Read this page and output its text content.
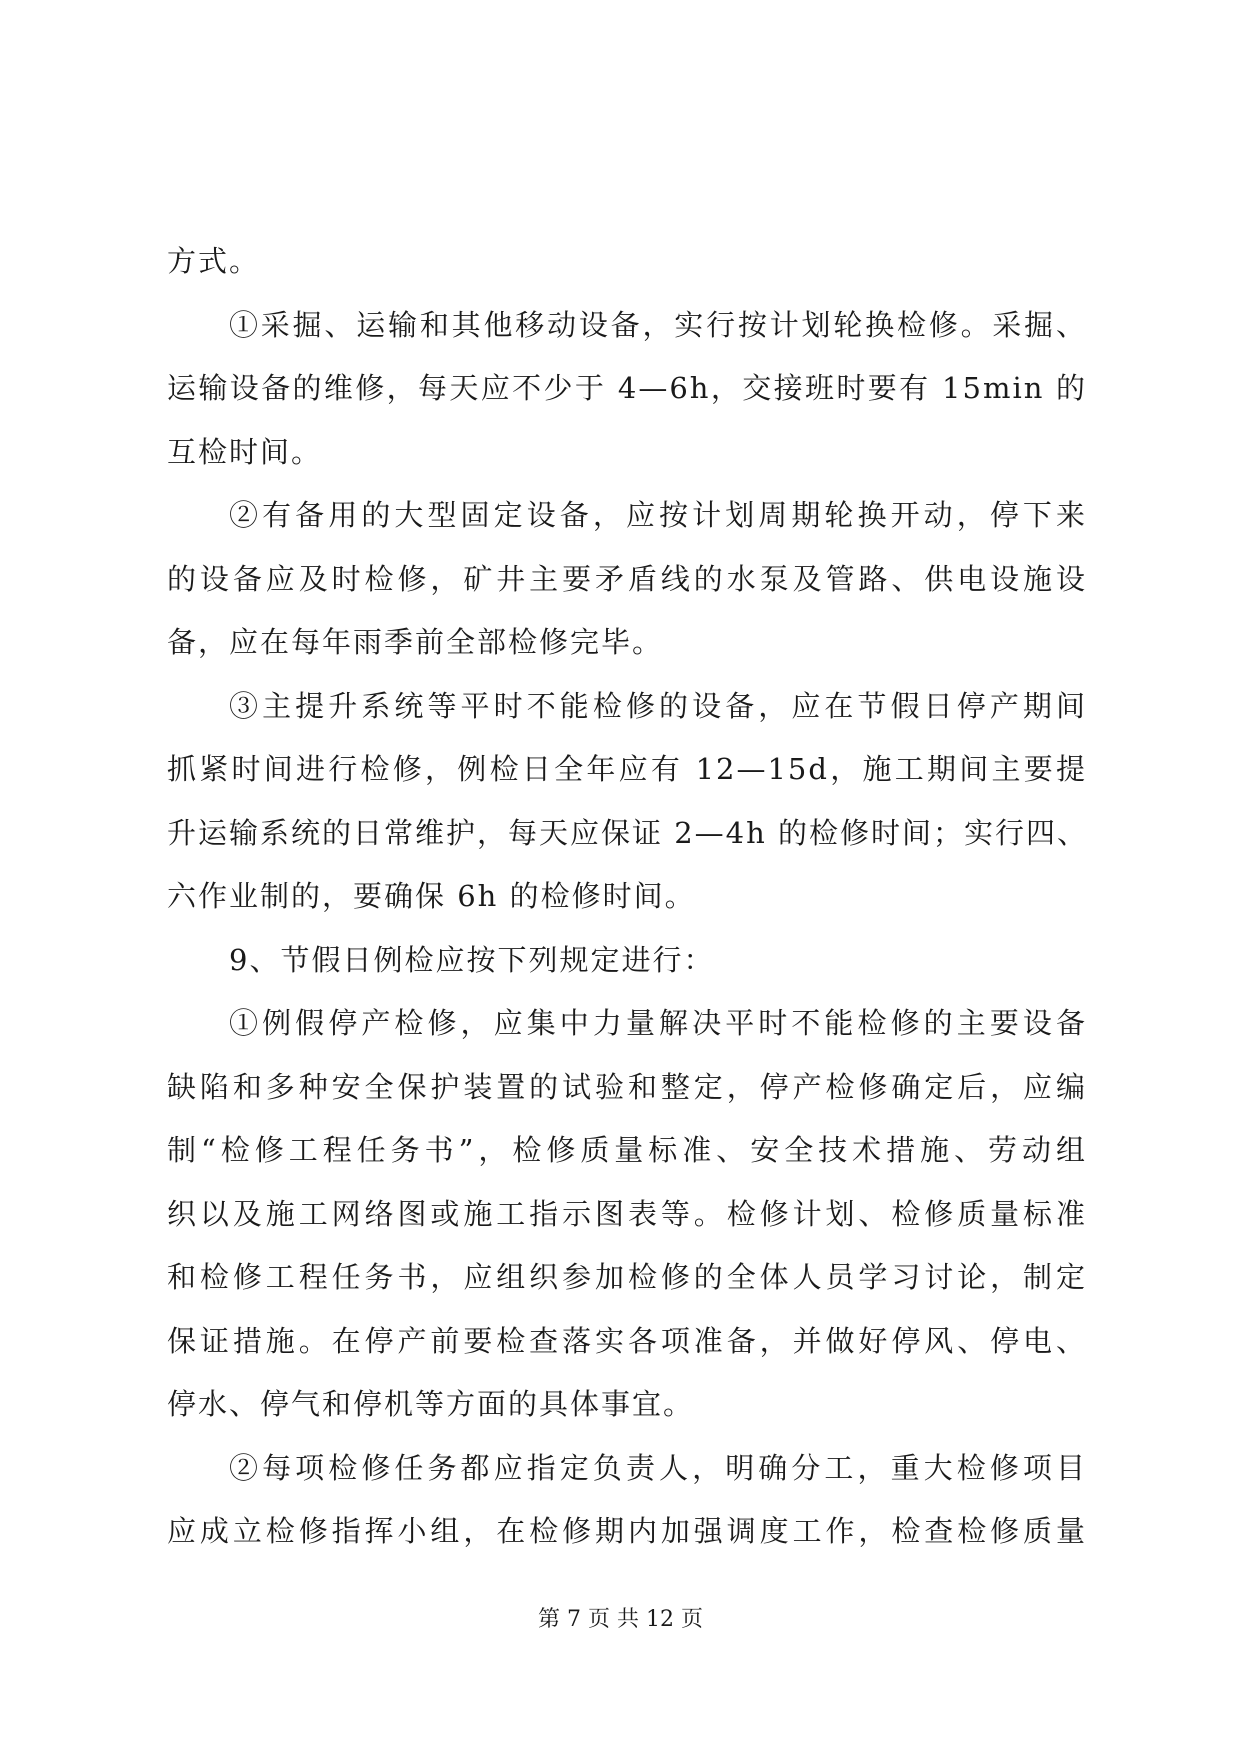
方式。
①采掘、运输和其他移动设备，实行按计划轮换检修。采掘、
运输设备的维修，每天应不少于 4—6h，交接班时要有 15min 的
互检时间。
②有备用的大型固定设备，应按计划周期轮换开动，停下来
的设备应及时检修，矿井主要矛盾线的水泵及管路、供电设施设
备，应在每年雨季前全部检修完毕。
③主提升系统等平时不能检修的设备，应在节假日停产期间
抓紧时间进行检修，例检日全年应有 12—15d，施工期间主要提
升运输系统的日常维护，每天应保证 2—4h 的检修时间；实行四、
六作业制的，要确保 6h 的检修时间。
9、节假日例检应按下列规定进行：
①例假停产检修，应集中力量解决平时不能检修的主要设备
缺陷和多种安全保护装置的试验和整定，停产检修确定后，应编
制“检修工程任务书”，检修质量标准、安全技术措施、劳动组
织以及施工网络图或施工指示图表等。检修计划、检修质量标准
和检修工程任务书，应组织参加检修的全体人员学习讨论，制定
保证措施。在停产前要检查落实各项准备，并做好停风、停电、
停水、停气和停机等方面的具体事宜。
②每项检修任务都应指定负责人，明确分工，重大检修项目
应成立检修指挥小组，在检修期内加强调度工作，检查检修质量
第 7 页 共 12 页
